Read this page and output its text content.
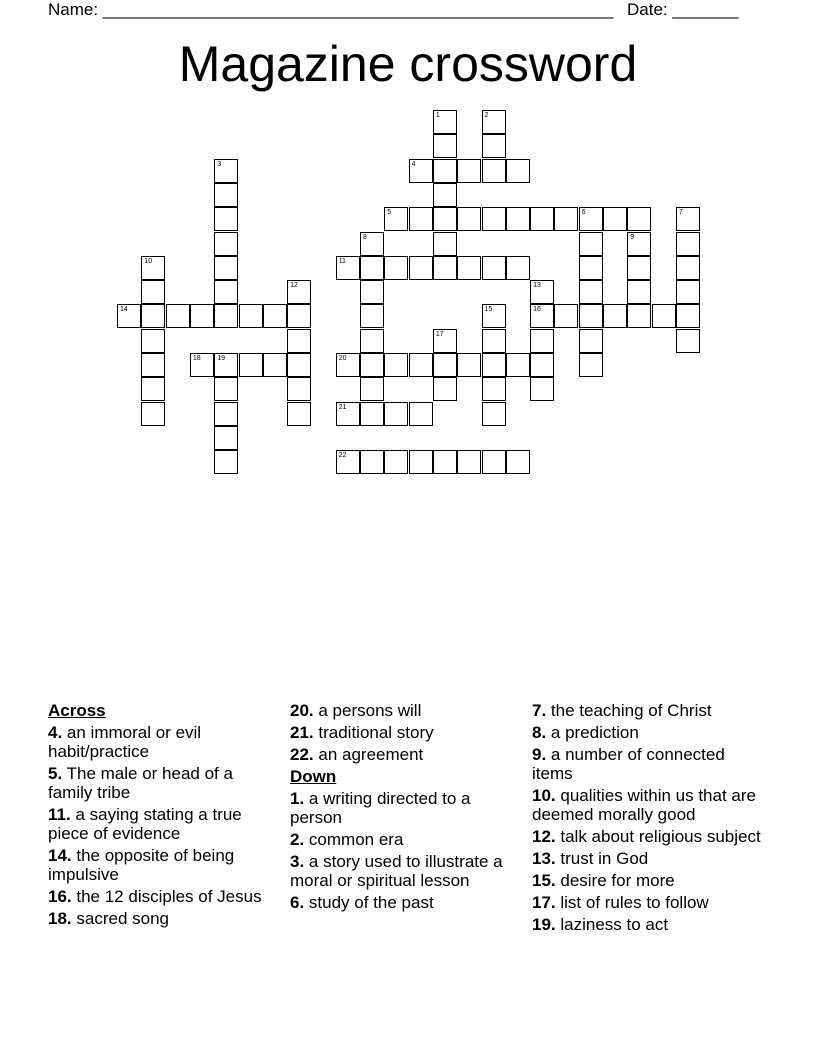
Name: ______________________________________________________ Date: _______
Magazine crossword
4
5	6
11
14	16
18 19	20
21
22
1	2
3
7
8	9
10
12	13
15
17
Across
4. an immoral or evil habit/practice
5. The male or head of a family tribe
11. a saying stating a true piece of evidence
14. the opposite of being impulsive
16. the 12 disciples of Jesus
18. sacred song
20. a persons will
21. traditional story
22. an agreement
Down
1. a writing directed to a person
2. common era
3. a story used to illustrate a moral or spiritual lesson
6. study of the past
7. the teaching of Christ
8. a prediction
9. a number of connected items
10. qualities within us that are deemed morally good
12. talk about religious subject
13. trust in God
15. desire for more
17. list of rules to follow
19. laziness to act
